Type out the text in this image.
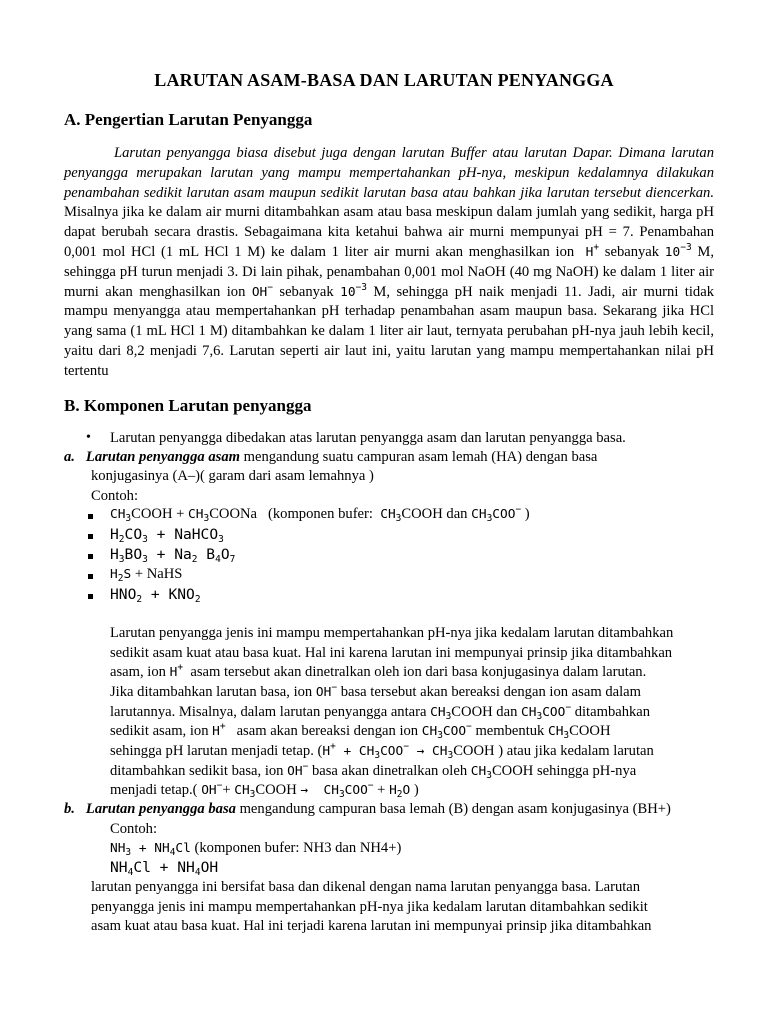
LARUTAN ASAM-BASA DAN LARUTAN PENYANGGA
A. Pengertian Larutan Penyangga
Larutan penyangga biasa disebut juga dengan larutan Buffer atau larutan Dapar. Dimana larutan penyangga merupakan larutan yang mampu mempertahankan pH-nya, meskipun kedalamnya dilakukan penambahan sedikit larutan asam maupun sedikit larutan basa atau bahkan jika larutan tersebut diencerkan. Misalnya jika ke dalam air murni ditambahkan asam atau basa meskipun dalam jumlah yang sedikit, harga pH dapat berubah secara drastis. Sebagaimana kita ketahui bahwa air murni mempunyai pH = 7. Penambahan 0,001 mol HCl (1 mL HCl 1 M) ke dalam 1 liter air murni akan menghasilkan ion  H+ sebanyak $10^{-3}$ M, sehingga pH turun menjadi 3. Di lain pihak, penambahan 0,001 mol NaOH (40 mg NaOH) ke dalam 1 liter air murni akan menghasilkan ion OH− sebanyak $10^{-3}$ M, sehingga pH naik menjadi 11. Jadi, air murni tidak mampu menyangga atau mempertahankan pH terhadap penambahan asam maupun basa. Sekarang jika HCl yang sama (1 mL HCl 1 M) ditambahkan ke dalam 1 liter air laut, ternyata perubahan pH-nya jauh lebih kecil, yaitu dari 8,2 menjadi 7,6. Larutan seperti air laut ini, yaitu larutan yang mampu mempertahankan nilai pH tertentu
B. Komponen Larutan penyangga
• Larutan penyangga dibedakan atas larutan penyangga asam dan larutan penyangga basa.
a. Larutan penyangga asam mengandung suatu campuran asam lemah (HA) dengan basa
konjugasinya (A–)( garam dari asam lemahnya )
Contoh:
$CH_3COOH$ + $CH_3COONa$   (komponen bufer: $CH_3COOH$ dan $CH_3COO^-$ )
$H_2CO_3$ + NaHCO$_3$
$H_3BO_3 + Na_2$ $B_4O_7$
$H_2S$ + NaHS
$HNO_2 + KNO_2$
Larutan penyangga jenis ini mampu mempertahankan pH-nya jika kedalam larutan ditambahkan
sedikit asam kuat atau basa kuat. Hal ini karena larutan ini mempunyai prinsip jika ditambahkan
asam, ion H+ asam tersebut akan dinetralkan oleh ion dari basa konjugasinya dalam larutan.
Jika ditambahkan larutan basa, ion OH− basa tersebut akan bereaksi dengan ion asam dalam
larutannya. Misalnya, dalam larutan penyangga antara $CH_3COOH$ dan $CH_3COO^-$ ditambahkan
sedikit asam, ion H+ asam akan bereaksi dengan ion $CH_3COO^-$ membentuk $CH_3COOH$
sehingga pH larutan menjadi tetap. ($H^+ + CH_3COO^-$ → $CH_3COOH$ ) atau jika kedalam larutan
ditambahkan sedikit basa, ion OH− basa akan dinetralkan oleh $CH_3COOH$ sehingga pH-nya
menjadi tetap.( $OH^-+ CH_3COOH \to CH_3COO^- + H_2O$ )
b. Larutan penyangga basa mengandung campuran basa lemah (B) dengan asam konjugasinya (BH+)
Contoh:
$NH_3 + NH_4Cl$ (komponen bufer: NH3 dan NH4+)
$NH_4Cl + NH_4OH$
larutan penyangga ini bersifat basa dan dikenal dengan nama larutan penyangga basa. Larutan
penyangga jenis ini mampu mempertahankan pH-nya jika kedalam larutan ditambahkan sedikit
asam kuat atau basa kuat. Hal ini terjadi karena larutan ini mempunyai prinsip jika ditambahkan
